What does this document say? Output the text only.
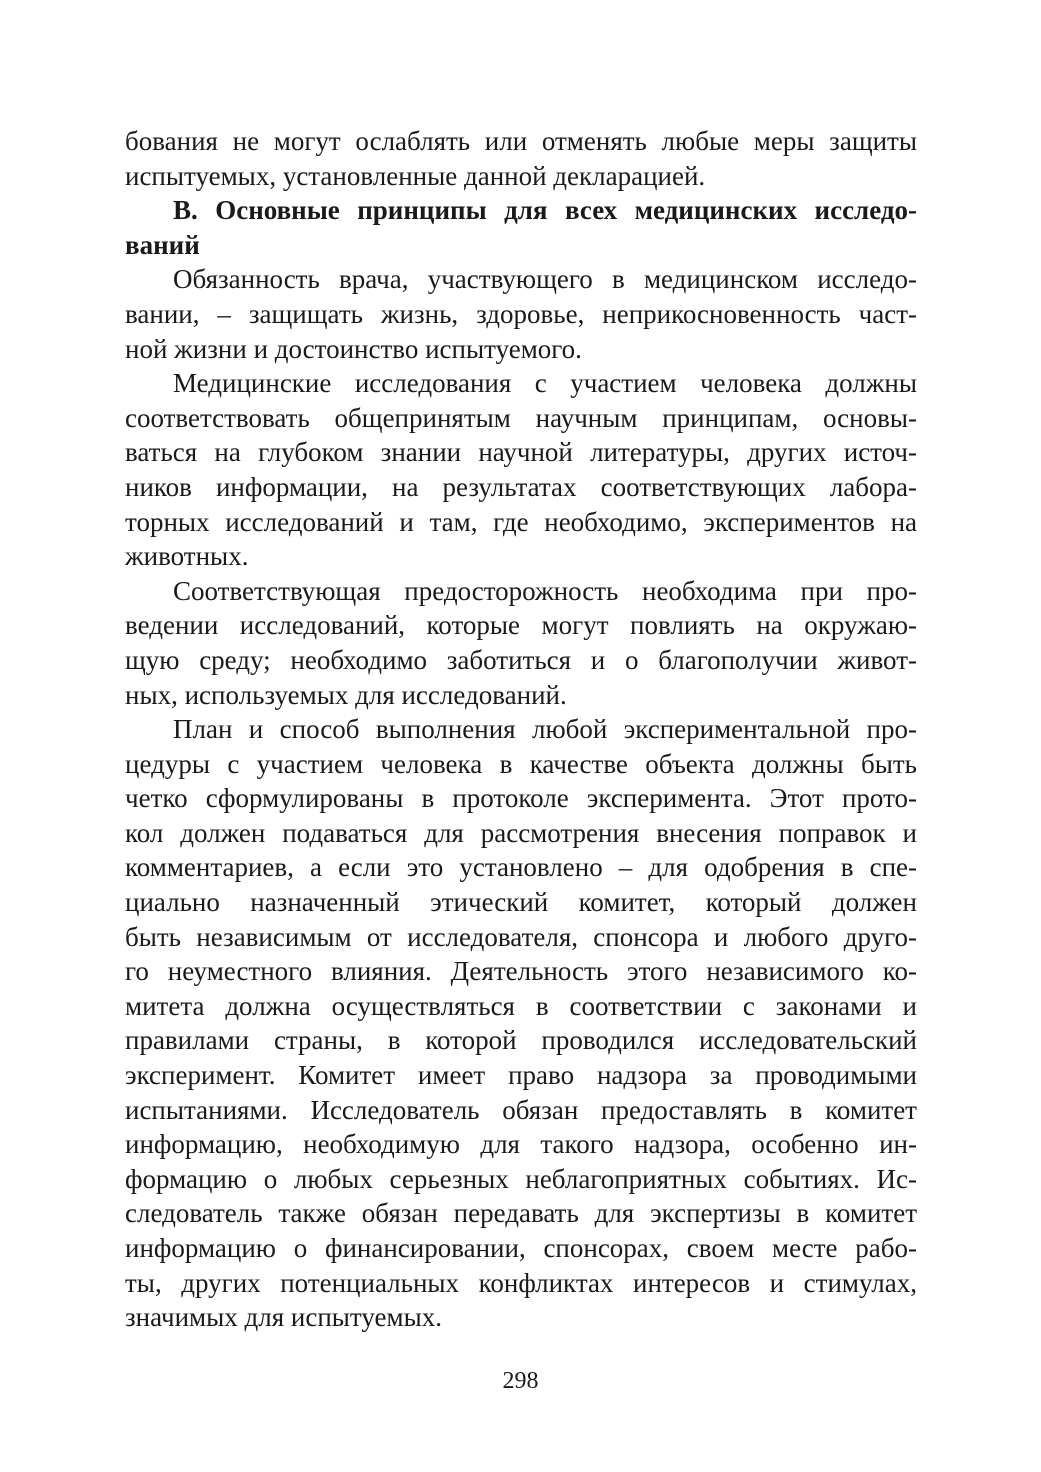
бования не могут ослаблять или отменять любые меры защиты
испытуемых, установленные данной декларацией.
B. Основные принципы для всех медицинских исследо-
ваний
Обязанность врача, участвующего в медицинском исследо-
вании, – защищать жизнь, здоровье, неприкосновенность част-
ной жизни и достоинство испытуемого.
Медицинские исследования с участием человека должны
соответствовать общепринятым научным принципам, основы-
ваться на глубоком знании научной литературы, других источ-
ников информации, на результатах соответствующих лабора-
торных исследований и там, где необходимо, экспериментов на
животных.
Соответствующая предосторожность необходима при про-
ведении исследований, которые могут повлиять на окружаю-
щую среду; необходимо заботиться и о благополучии живот-
ных, используемых для исследований.
План и способ выполнения любой экспериментальной про-
цедуры с участием человека в качестве объекта должны быть
четко сформулированы в протоколе эксперимента. Этот прото-
кол должен подаваться для рассмотрения внесения поправок и
комментариев, а если это установлено – для одобрения в спе-
циально назначенный этический комитет, который должен
быть независимым от исследователя, спонсора и любого друго-
го неуместного влияния. Деятельность этого независимого ко-
митета должна осуществляться в соответствии с законами и
правилами страны, в которой проводился исследовательский
эксперимент. Комитет имеет право надзора за проводимыми
испытаниями. Исследователь обязан предоставлять в комитет
информацию, необходимую для такого надзора, особенно ин-
формацию о любых серьезных неблагоприятных событиях. Ис-
следователь также обязан передавать для экспертизы в комитет
информацию о финансировании, спонсорах, своем месте рабо-
ты, других потенциальных конфликтах интересов и стимулах,
значимых для испытуемых.
298
